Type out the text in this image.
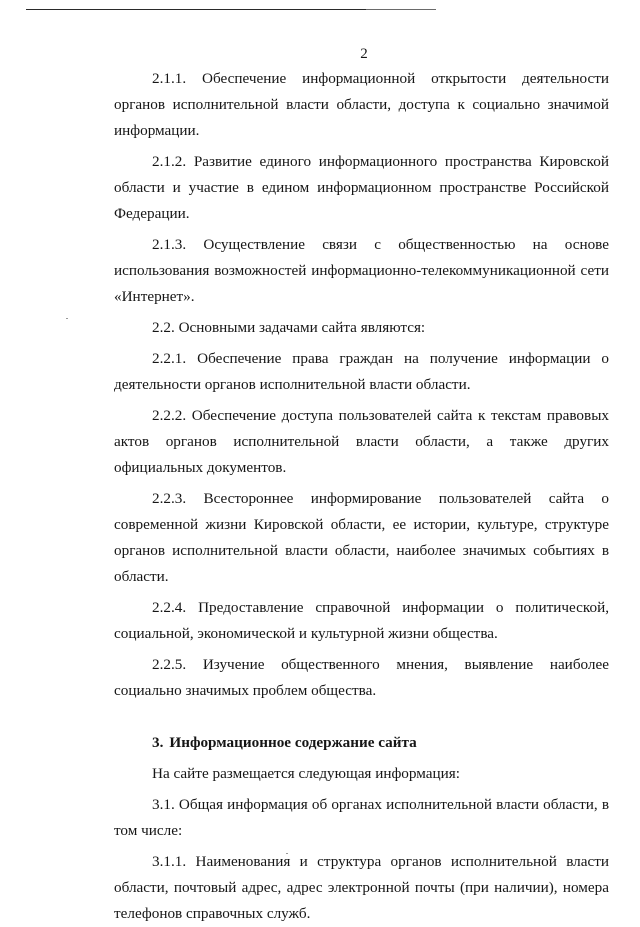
2

2.1.1. Обеспечение информационной открытости деятельности органов исполнительной власти области, доступа к социально значимой информации.

2.1.2. Развитие единого информационного пространства Кировской области и участие в едином информационном пространстве Российской Федерации.

2.1.3. Осуществление связи с общественностью на основе использования возможностей информационно-телекоммуникационной сети «Интернет».

2.2. Основными задачами сайта являются:

2.2.1. Обеспечение права граждан на получение информации о деятельности органов исполнительной власти области.

2.2.2. Обеспечение доступа пользователей сайта к текстам правовых актов органов исполнительной власти области, а также других официальных документов.

2.2.3. Всестороннее информирование пользователей сайта о современной жизни Кировской области, ее истории, культуре, структуре органов исполнительной власти области, наиболее значимых событиях в области.

2.2.4. Предоставление справочной информации о политической, социальной, экономической и культурной жизни общества.

2.2.5. Изучение общественного мнения, выявление наиболее социально значимых проблем общества.

3. Информационное содержание сайта

На сайте размещается следующая информация:

3.1. Общая информация об органах исполнительной власти области, в том числе:

3.1.1. Наименования и структура органов исполнительной власти области, почтовый адрес, адрес электронной почты (при наличии), номера телефонов справочных служб.
